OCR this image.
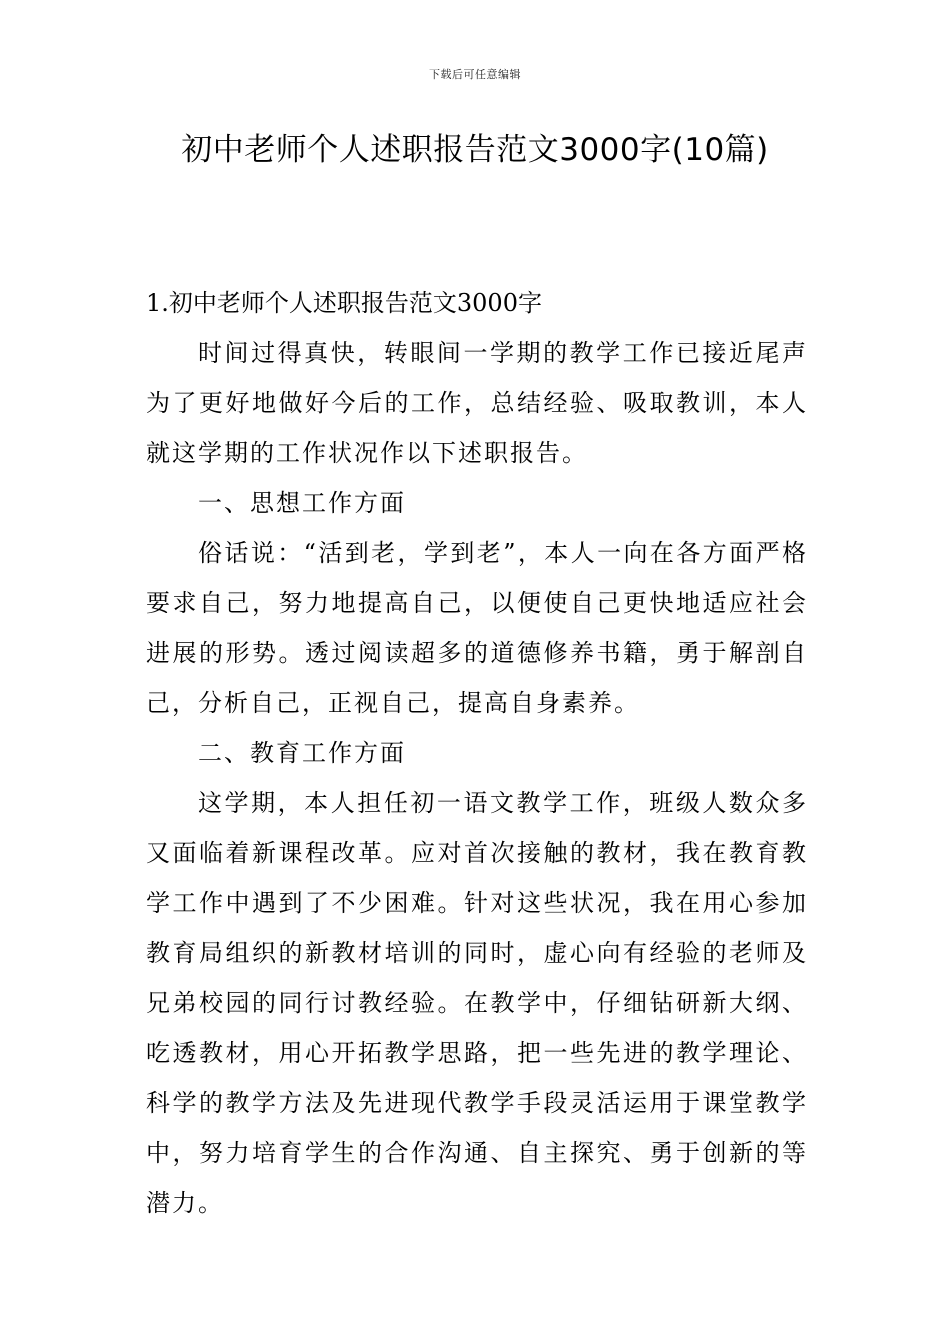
下载后可任意编辑
初中老师个人述职报告范文3000字(10篇)

1.初中老师个人述职报告范文3000字

时间过得真快，转眼间一学期的教学工作已接近尾声为了更好地做好今后的工作，总结经验、吸取教训，本人就这学期的工作状况作以下述职报告。

一、思想工作方面

俗话说：“活到老，学到老”，本人一向在各方面严格要求自己，努力地提高自己，以便使自己更快地适应社会进展的形势。透过阅读超多的道德修养书籍，勇于解剖自己，分析自己，正视自己，提高自身素养。

二、教育工作方面

这学期，本人担任初一语文教学工作，班级人数众多又面临着新课程改革。应对首次接触的教材，我在教育教学工作中遇到了不少困难。针对这些状况，我在用心参加教育局组织的新教材培训的同时，虚心向有经验的老师及兄弟校园的同行讨教经验。在教学中，仔细钻研新大纲、吃透教材，用心开拓教学思路，把一些先进的教学理论、科学的教学方法及先进现代教学手段灵活运用于课堂教学中，努力培育学生的合作沟通、自主探究、勇于创新的等潜力。
